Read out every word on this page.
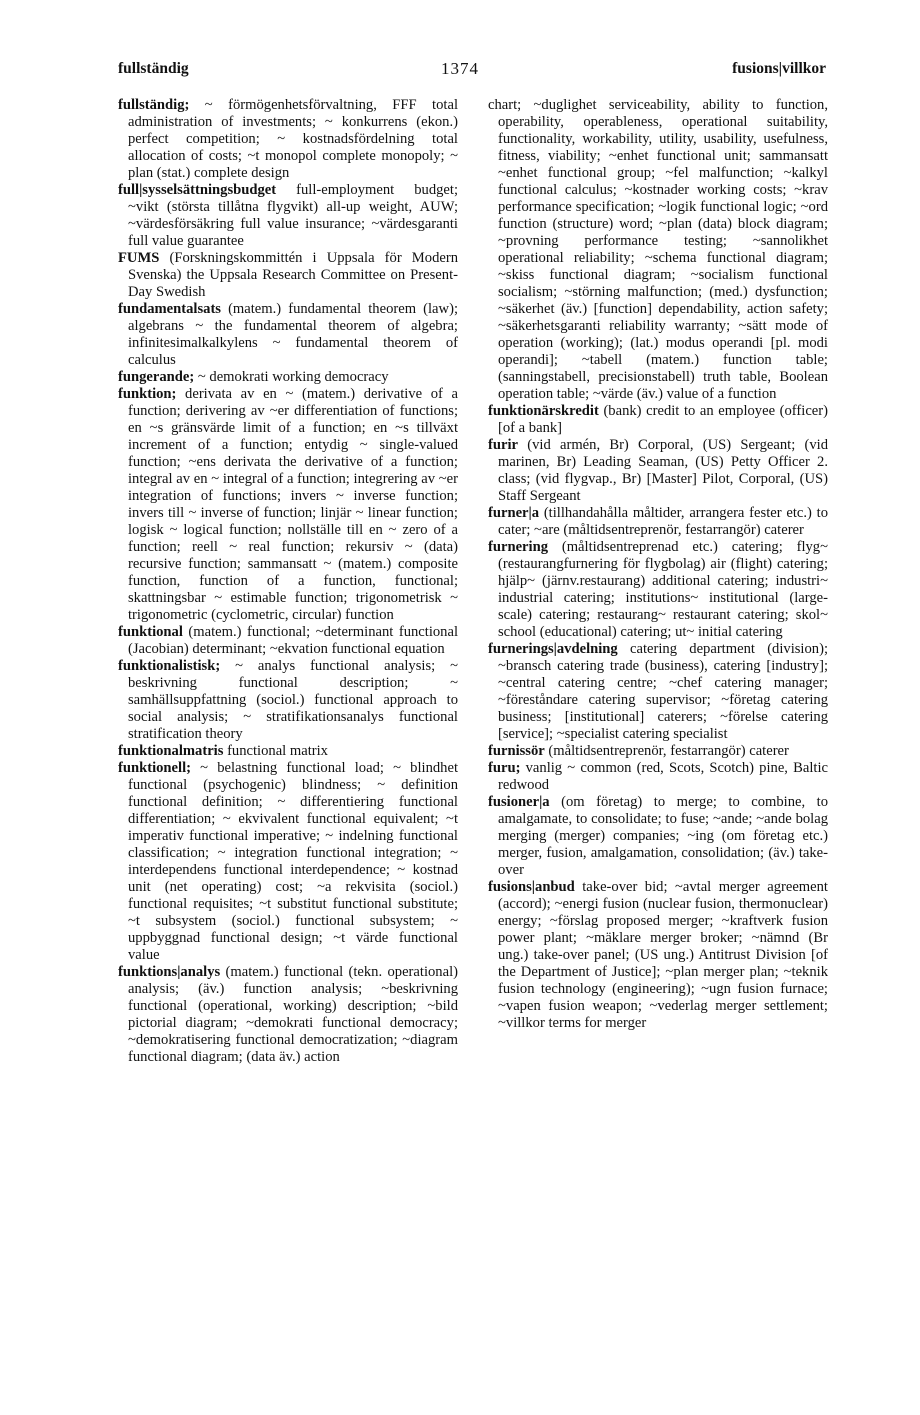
fullständig	1374	fusions|villkor

fullständig; ~ förmögenhetsförvaltning, FFF total administration of investments; ~ konkurrens (ekon.) perfect competition; ~ kostnadsfördelning total allocation of costs; ~t monopol complete monopoly; ~ plan (stat.) complete design

full|sysselsättningsbudget full-employment budget; ~vikt (största tillåtna flygvikt) all-up weight, AUW; ~värdesförsäkring full value insurance; ~värdesgaranti full value guarantee

FUMS (Forskningskommittén i Uppsala för Modern Svenska) the Uppsala Research Committee on Present-Day Swedish

fundamentalsats (matem.) fundamental theorem (law); algebrans ~ the fundamental theorem of algebra; infinitesimalkalkylens ~ fundamental theorem of calculus

fungerande; ~ demokrati working democracy

funktion; derivata av en ~ (matem.) derivative of a function; derivering av ~er differentiation of functions; en ~s gränsvärde limit of a function; en ~s tillväxt increment of a function; entydig ~ single-valued function; ~ens derivata the derivative of a function; integral av en ~ integral of a function; integrering av ~er integration of functions; invers ~ inverse function; invers till ~ inverse of function; linjär ~ linear function; logisk ~ logical function; nollställe till en ~ zero of a function; reell ~ real function; rekursiv ~ (data) recursive function; sammansatt ~ (matem.) composite function, function of a function, functional; skattningsbar ~ estimable function; trigonometrisk ~ trigonometric (cyclometric, circular) function

funktional (matem.) functional; ~determinant functional (Jacobian) determinant; ~ekvation functional equation

funktionalistisk; ~ analys functional analysis; ~ beskrivning functional description; ~ samhällsuppfattning (sociol.) functional approach to social analysis; ~ stratifikationsanalys functional stratification theory

funktionalmatris functional matrix

funktionell; ~ belastning functional load; ~ blindhet functional (psychogenic) blindness; ~ definition functional definition; ~ differentiering functional differentiation; ~ ekvivalent functional equivalent; ~t imperativ functional imperative; ~ indelning functional classification; ~ integration functional integration; ~ interdependens functional interdependence; ~ kostnad unit (net operating) cost; ~a rekvisita (sociol.) functional requisites; ~t substitut functional substitute; ~t subsystem (sociol.) functional subsystem; ~ uppbyggnad functional design; ~t värde functional value

funktions|analys (matem.) functional (tekn. operational) analysis; (äv.) function analysis; ~beskrivning functional (operational, working) description; ~bild pictorial diagram; ~demokrati functional democracy; ~demokratisering functional democratization; ~diagram functional diagram; (data äv.) action

chart; ~duglighet serviceability, ability to function, operability, operableness, operational suitability, functionality, workability, utility, usability, usefulness, fitness, viability; ~enhet functional unit; sammansatt ~enhet functional group; ~fel malfunction; ~kalkyl functional calculus; ~kostnader working costs; ~krav performance specification; ~logik functional logic; ~ord function (structure) word; ~plan (data) block diagram; ~provning performance testing; ~sannolikhet operational reliability; ~schema functional diagram; ~skiss functional diagram; ~socialism functional socialism; ~störning malfunction; (med.) dysfunction; ~säkerhet (äv.) [function] dependability, action safety; ~säkerhetsgaranti reliability warranty; ~sätt mode of operation (working); (lat.) modus operandi [pl. modi operandi]; ~tabell (matem.) function table; (sanningstabell, precisionstabell) truth table, Boolean operation table; ~värde (äv.) value of a function

funktionärskredit (bank) credit to an employee (officer) [of a bank]

furir (vid armén, Br) Corporal, (US) Sergeant; (vid marinen, Br) Leading Seaman, (US) Petty Officer 2. class; (vid flygvap., Br) [Master] Pilot, Corporal, (US) Staff Sergeant

furner|a (tillhandahålla måltider, arrangera fester etc.) to cater; ~are (måltidsentreprenör, festarrangör) caterer

furnering (måltidsentreprenad etc.) catering; flyg~ (restaurangfurnering för flygbolag) air (flight) catering; hjälp~ (järnv.restaurang) additional catering; industri~ industrial catering; institutions~ institutional (large-scale) catering; restaurang~ restaurant catering; skol~ school (educational) catering; ut~ initial catering

furnerings|avdelning catering department (division); ~bransch catering trade (business), catering [industry]; ~central catering centre; ~chef catering manager; ~föreståndare catering supervisor; ~företag catering business; [institutional] caterers; ~förelse catering [service]; ~specialist catering specialist

furnissör (måltidsentreprenör, festarrangör) caterer

furu; vanlig ~ common (red, Scots, Scotch) pine, Baltic redwood

fusioner|a (om företag) to merge; to combine, to amalgamate, to consolidate; to fuse; ~ande; ~ande bolag merging (merger) companies; ~ing (om företag etc.) merger, fusion, amalgamation, consolidation; (äv.) take-over

fusions|anbud take-over bid; ~avtal merger agreement (accord); ~energi fusion (nuclear fusion, thermonuclear) energy; ~förslag proposed merger; ~kraftverk fusion power plant; ~mäklare merger broker; ~nämnd (Br ung.) take-over panel; (US ung.) Antitrust Division [of the Department of Justice]; ~plan merger plan; ~teknik fusion technology (engineering); ~ugn fusion furnace; ~vapen fusion weapon; ~vederlag merger settlement; ~villkor terms for merger
